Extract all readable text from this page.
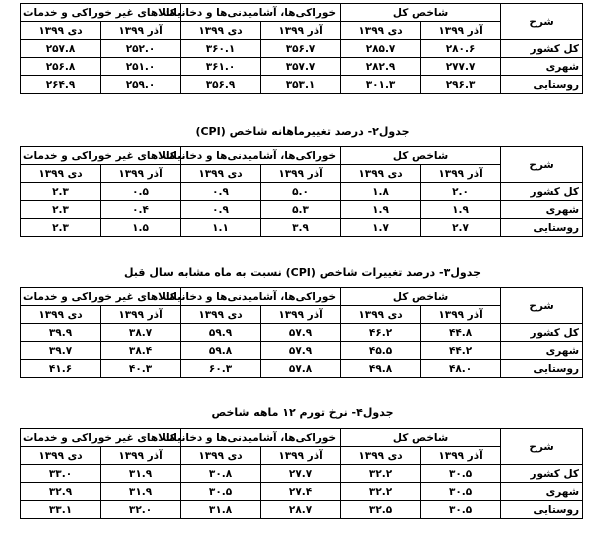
شرح	شاخص کل		خوراکی‌ها، آشامیدنی‌ها و دخانیات		کالاهای غیر خوراکی و خدمات	
	آذر ۱۳۹۹	دی ۱۳۹۹	آذر ۱۳۹۹	دی ۱۳۹۹	آذر ۱۳۹۹	دی ۱۳۹۹
کل کشور	۲۸۰.۶	۲۸۵.۷	۳۵۶.۷	۳۶۰.۱	۲۵۲.۰	۲۵۷.۸
شهری	۲۷۷.۷	۲۸۲.۹	۳۵۷.۷	۳۶۱.۰	۲۵۱.۰	۲۵۶.۸
روستایی	۲۹۶.۳	۳۰۱.۳	۳۵۳.۱	۳۵۶.۹	۲۵۹.۰	۲۶۴.۹
جدول۲- درصد تغییرماهانه شاخص (CPI)
شرح	شاخص کل		خوراکی‌ها، آشامیدنی‌ها و دخانیات		کالاهای غیر خوراکی و خدمات	
	آذر ۱۳۹۹	دی ۱۳۹۹	آذر ۱۳۹۹	دی ۱۳۹۹	آذر ۱۳۹۹	دی ۱۳۹۹
کل کشور	۲.۰	۱.۸	۵.۰	۰.۹	۰.۵	۲.۳
شهری	۱.۹	۱.۹	۵.۳	۰.۹	۰.۴	۲.۳
روستایی	۲.۷	۱.۷	۳.۹	۱.۱	۱.۵	۲.۳
جدول۳- درصد تغییرات شاخص (CPI) نسبت به ماه مشابه سال قبل
شرح	شاخص کل		خوراکی‌ها، آشامیدنی‌ها و دخانیات		کالاهای غیر خوراکی و خدمات	
	آذر ۱۳۹۹	دی ۱۳۹۹	آذر ۱۳۹۹	دی ۱۳۹۹	آذر ۱۳۹۹	دی ۱۳۹۹
کل کشور	۴۴.۸	۴۶.۲	۵۷.۹	۵۹.۹	۳۸.۷	۳۹.۹
شهری	۴۴.۲	۴۵.۵	۵۷.۹	۵۹.۸	۳۸.۴	۳۹.۷
روستایی	۴۸.۰	۴۹.۸	۵۷.۸	۶۰.۳	۴۰.۳	۴۱.۶
جدول۴- نرخ تورم ۱۲ ماهه شاخص
شرح	شاخص کل		خوراکی‌ها، آشامیدنی‌ها و دخانیات		کالاهای غیر خوراکی و خدمات	
	آذر ۱۳۹۹	دی ۱۳۹۹	آذر ۱۳۹۹	دی ۱۳۹۹	آذر ۱۳۹۹	دی ۱۳۹۹
کل کشور	۳۰.۵	۳۲.۲	۲۷.۷	۳۰.۸	۳۱.۹	۳۳.۰
شهری	۳۰.۵	۳۲.۲	۲۷.۴	۳۰.۵	۳۱.۹	۳۲.۹
روستایی	۳۰.۵	۳۲.۵	۲۸.۷	۳۱.۸	۳۲.۰	۳۳.۱
